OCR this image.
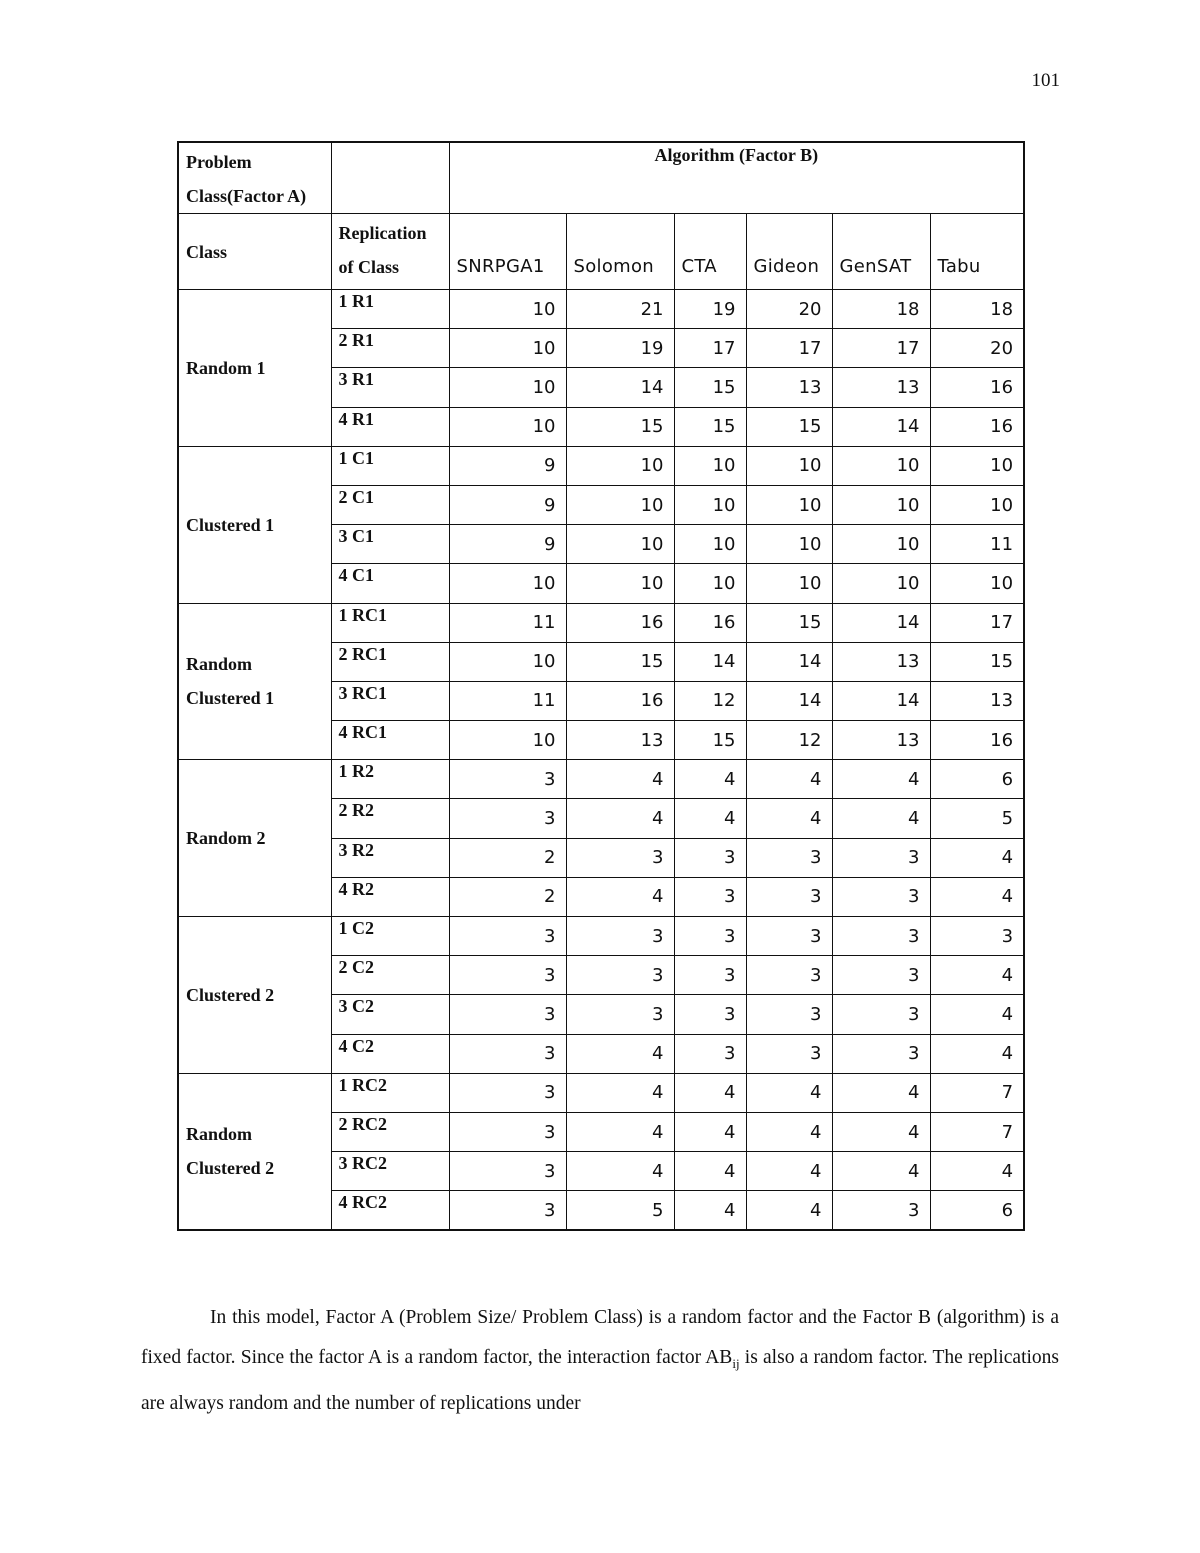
101
Problem Class(Factor A)		Algorithm (Factor B)					
Class	Replication of Class	SNRPGA1	Solomon	CTA	Gideon	GenSAT	Tabu
Random 1	1 R1	10	21	19	20	18	18
	2 R1	10	19	17	17	17	20
	3 R1	10	14	15	13	13	16
	4 R1	10	15	15	15	14	16
Clustered 1	1 C1	9	10	10	10	10	10
	2 C1	9	10	10	10	10	10
	3 C1	9	10	10	10	10	11
	4 C1	10	10	10	10	10	10
Random Clustered 1	1 RC1	11	16	16	15	14	17
	2 RC1	10	15	14	14	13	15
	3 RC1	11	16	12	14	14	13
	4 RC1	10	13	15	12	13	16
Random 2	1 R2	3	4	4	4	4	6
	2 R2	3	4	4	4	4	5
	3 R2	2	3	3	3	3	4
	4 R2	2	4	3	3	3	4
Clustered 2	1 C2	3	3	3	3	3	3
	2 C2	3	3	3	3	3	4
	3 C2	3	3	3	3	3	4
	4 C2	3	4	3	3	3	4
Random Clustered 2	1 RC2	3	4	4	4	4	7
	2 RC2	3	4	4	4	4	7
	3 RC2	3	4	4	4	4	4
	4 RC2	3	5	4	4	3	6

In this model, Factor A (Problem Size/ Problem Class) is a random factor and the Factor B (algorithm) is a fixed factor. Since the factor A is a random factor, the interaction factor $AB_{ij}$ is also a random factor. The replications are always random and the number of replications under
